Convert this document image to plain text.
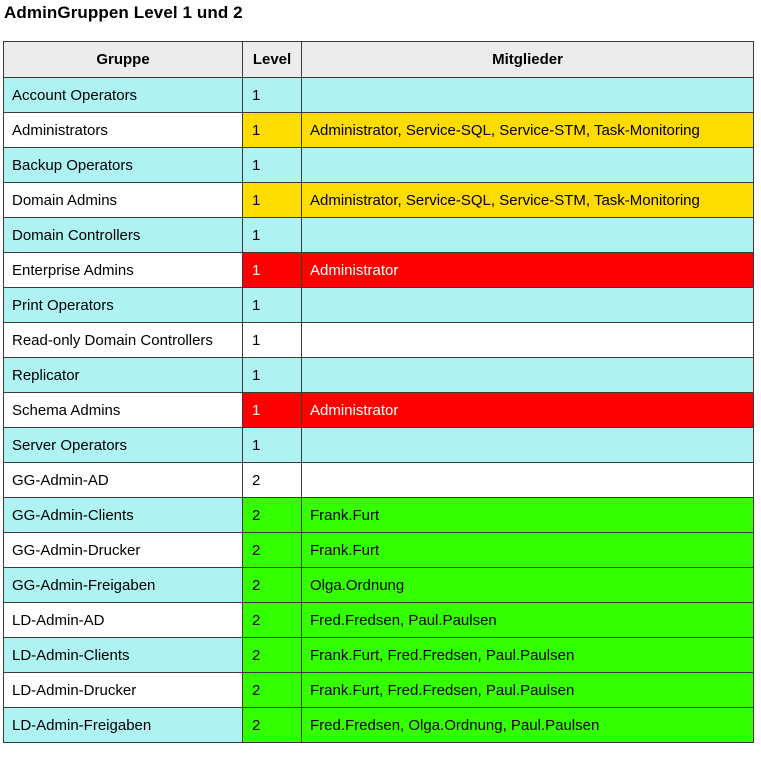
AdminGruppen Level 1 und 2
Gruppe	Level	Mitglieder
Account Operators	1	
Administrators	1	Administrator, Service-SQL, Service-STM, Task-Monitoring
Backup Operators	1	
Domain Admins	1	Administrator, Service-SQL, Service-STM, Task-Monitoring
Domain Controllers	1	
Enterprise Admins	1	Administrator
Print Operators	1	
Read-only Domain Controllers	1	
Replicator	1	
Schema Admins	1	Administrator
Server Operators	1	
GG-Admin-AD	2	
GG-Admin-Clients	2	Frank.Furt
GG-Admin-Drucker	2	Frank.Furt
GG-Admin-Freigaben	2	Olga.Ordnung
LD-Admin-AD	2	Fred.Fredsen, Paul.Paulsen
LD-Admin-Clients	2	Frank.Furt, Fred.Fredsen, Paul.Paulsen
LD-Admin-Drucker	2	Frank.Furt, Fred.Fredsen, Paul.Paulsen
LD-Admin-Freigaben	2	Fred.Fredsen, Olga.Ordnung, Paul.Paulsen
